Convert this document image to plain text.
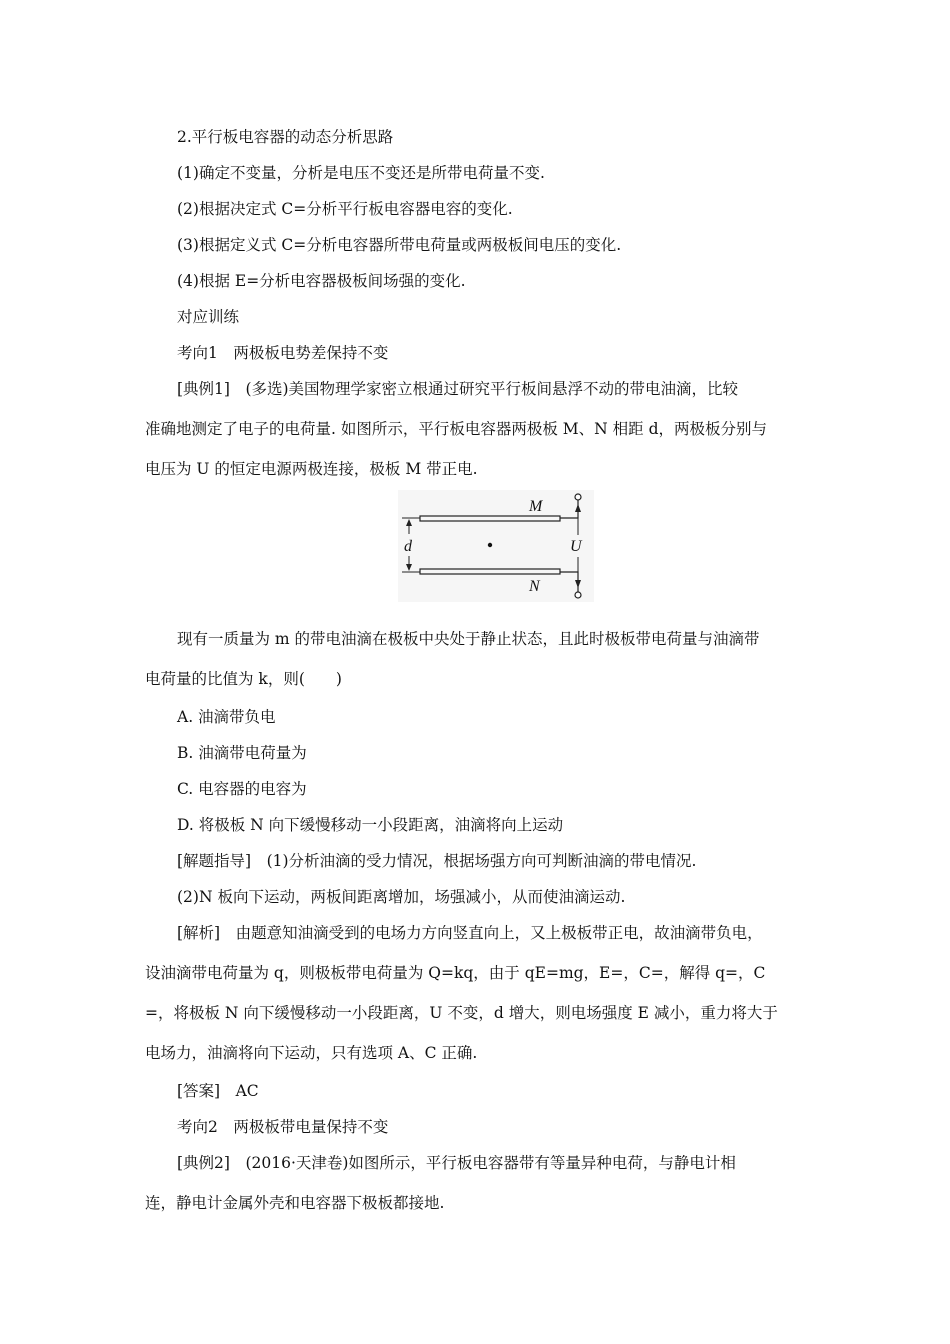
2.平行板电容器的动态分析思路
(1)确定不变量，分析是电压不变还是所带电荷量不变.
(2)根据决定式 C=分析平行板电容器电容的变化.
(3)根据定义式 C=分析电容器所带电荷量或两极板间电压的变化.
(4)根据 E=分析电容器极板间场强的变化.
对应训练
考向1　两极板电势差保持不变
[典例1]　(多选)美国物理学家密立根通过研究平行板间悬浮不动的带电油滴，比较
准确地测定了电子的电荷量. 如图所示，平行板电容器两极板 M、N 相距 d，两极板分别与
电压为 U 的恒定电源两极连接，极板 M 带正电.
M
N
d	U
现有一质量为 m 的带电油滴在极板中央处于静止状态，且此时极板带电荷量与油滴带
电荷量的比值为 k，则(　　)
A. 油滴带负电
B. 油滴带电荷量为
C. 电容器的电容为
D. 将极板 N 向下缓慢移动一小段距离，油滴将向上运动
[解题指导]　(1)分析油滴的受力情况，根据场强方向可判断油滴的带电情况.
(2)N 板向下运动，两板间距离增加，场强减小，从而使油滴运动.
[解析]　由题意知油滴受到的电场力方向竖直向上，又上极板带正电，故油滴带负电，
设油滴带电荷量为 q，则极板带电荷量为 Q=kq，由于 qE=mg，E=，C=，解得 q=，C
=，将极板 N 向下缓慢移动一小段距离，U 不变，d 增大，则电场强度 E 减小，重力将大于
电场力，油滴将向下运动，只有选项 A、C 正确.
[答案]　AC
考向2　两极板带电量保持不变
[典例2]　(2016·天津卷)如图所示，平行板电容器带有等量异种电荷，与静电计相
连，静电计金属外壳和电容器下极板都接地.
